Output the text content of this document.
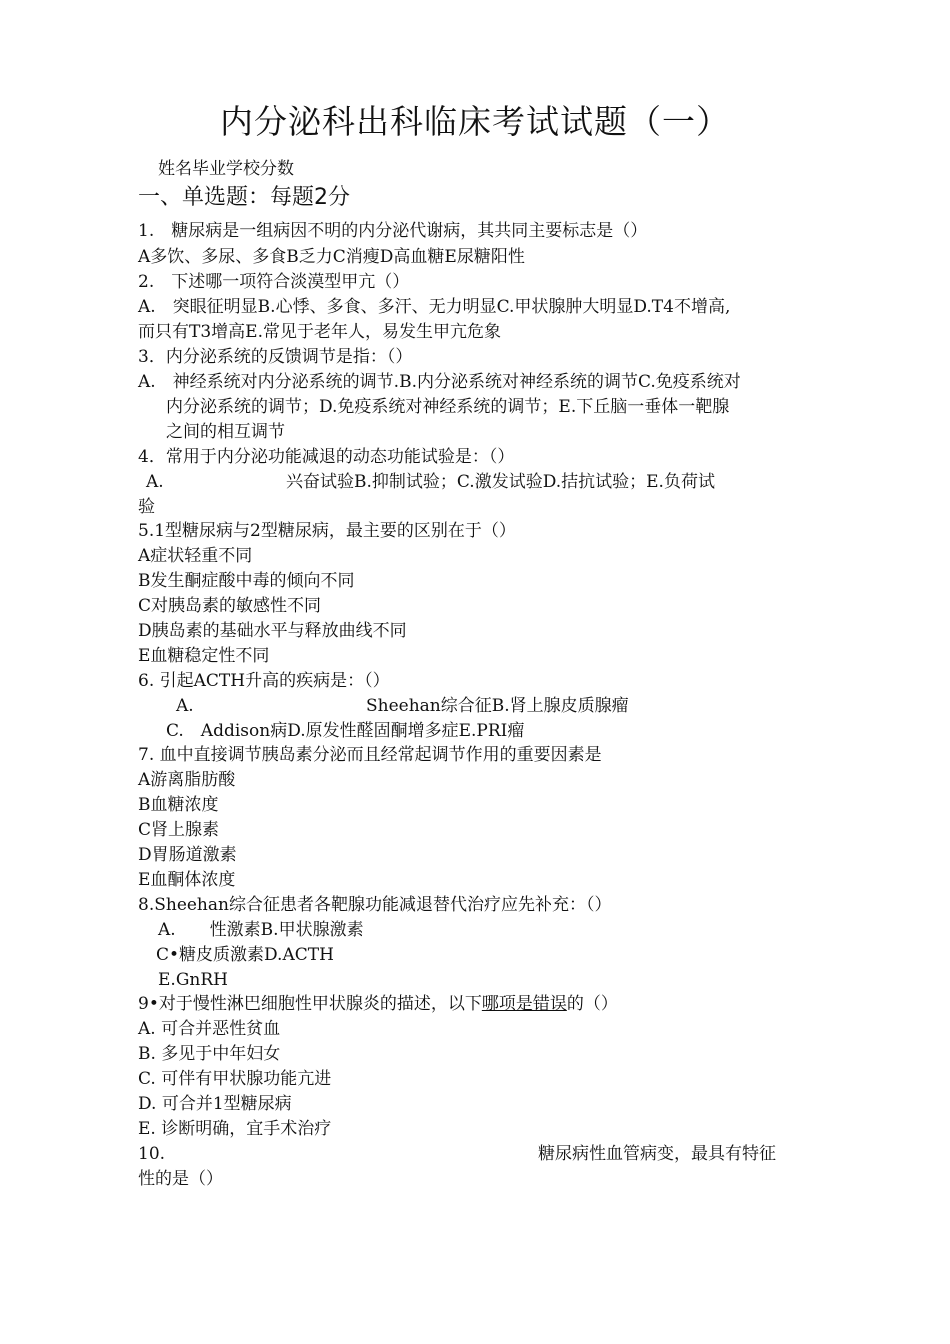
内分泌科出科临床考试试题（一）
姓名毕业学校分数
一、单选题：每题2分
1.　糖尿病是一组病因不明的内分泌代谢病，其共同主要标志是（）
A多饮、多尿、多食B乏力C消瘦D高血糖E尿糖阳性
2.　下述哪一项符合淡漠型甲亢（）
A.　突眼征明显B.心悸、多食、多汗、无力明显C.甲状腺肿大明显D.T4不增高,
而只有T3增高E.常见于老年人，易发生甲亢危象
3．内分泌系统的反馈调节是指：（）
A.　神经系统对内分泌系统的调节.B.内分泌系统对神经系统的调节C.免疫系统对
内分泌系统的调节；D.免疫系统对神经系统的调节；E.下丘脑一垂体一靶腺
之间的相互调节
4．常用于内分泌功能减退的动态功能试验是：（）
A.	兴奋试验B.抑制试验；C.激发试验D.拮抗试验；E.负荷试
验
5.1型糖尿病与2型糖尿病，最主要的区别在于（）
A症状轻重不同
B发生酮症酸中毒的倾向不同
C对胰岛素的敏感性不同
D胰岛素的基础水平与释放曲线不同
E血糖稳定性不同
6. 引起ACTH升高的疾病是：（）
A.	Sheehan综合征B.肾上腺皮质腺瘤
C.　Addison病D.原发性醛固酮增多症E.PRI瘤
7. 血中直接调节胰岛素分泌而且经常起调节作用的重要因素是
A游离脂肪酸
B血糖浓度
C肾上腺素
D胃肠道激素
E血酮体浓度
8.Sheehan综合征患者各靶腺功能减退替代治疗应先补充：（）
A.　　性激素B.甲状腺激素
C•糖皮质激素D.ACTH
E.GnRH
9•对于慢性淋巴细胞性甲状腺炎的描述，以下哪项是错误的（）
A. 可合并恶性贫血
B. 多见于中年妇女
C. 可伴有甲状腺功能亢进
D. 可合并1型糖尿病
E. 诊断明确，宜手术治疗
10.	糖尿病性血管病变，最具有特征
性的是（）
